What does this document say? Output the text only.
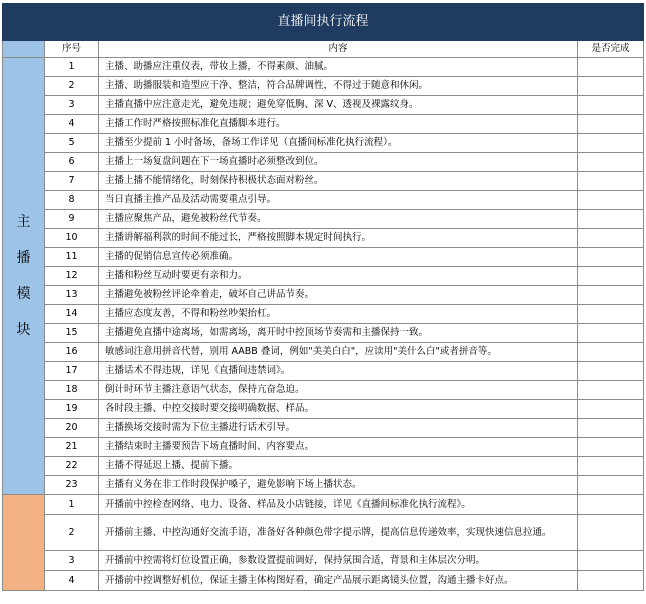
直播间执行流程			
	序号	内容	是否完成

主
播
模
块	1	主播、助播应注重仪表，带妆上播，不得素颜、油腻。	
	2	主播、助播服装和造型应干净、整洁，符合品牌调性，不得过于随意和休闲。	
	3	主播直播中应注意走光，避免违规；避免穿低胸、深 V、透视及裸露纹身。	
	4	主播工作时严格按照标准化直播脚本进行。	
	5	主播至少提前 1 小时备场，备场工作详见（直播间标准化执行流程）。	
	6	主播上一场复盘问题在下一场直播时必须整改到位。	
	7	主播上播不能情绪化，时刻保持积极状态面对粉丝。	
	8	当日直播主推产品及活动需要重点引导。	
	9	主播应聚焦产品，避免被粉丝代节奏。	
	10	主播讲解福利款的时间不能过长，严格按照脚本规定时间执行。	
	11	主播的促销信息宣传必须准确。	
	12	主播和粉丝互动时要更有亲和力。	
	13	主播避免被粉丝评论牵着走，破坏自己讲品节奏。	
	14	主播应态度友善，不得和粉丝吵架抬杠。	
	15	主播避免直播中途离场，如需离场，离开时中控顶场节奏需和主播保持一致。	
	16	敏感词注意用拼音代替，别用 AABB 叠词，例如"美美白白"，应读用"美什么白"或者拼音等。	
	17	主播话术不得违规，详见《直播间违禁词》。	
	18	倒计时环节主播注意语气状态，保持亢奋急迫。	
	19	各时段主播、中控交接时要交接明确数据、样品。	
	20	主播换场交接时需为下位主播进行话术引导。	
	21	主播结束时主播要预告下场直播时间、内容要点。	
	22	主播不得延迟上播、提前下播。	
	23	主播有义务在非工作时段保护嗓子，避免影响下场上播状态。	
	1	开播前中控检查网络、电力、设备、样品及小店链接，详见《直播间标准化执行流程》。	
	2	开播前主播、中控沟通好交流手语，准备好各种颜色带字提示牌，提高信息传递效率，实现快速信息拉通。	
	3	开播前中控需将灯位设置正确，参数设置提前调好，保持氛围合适，背景和主体层次分明。	
	4	开播前中控调整好机位，保证主播主体构图好看，确定产品展示距离镜头位置，沟通主播卡好点。	
